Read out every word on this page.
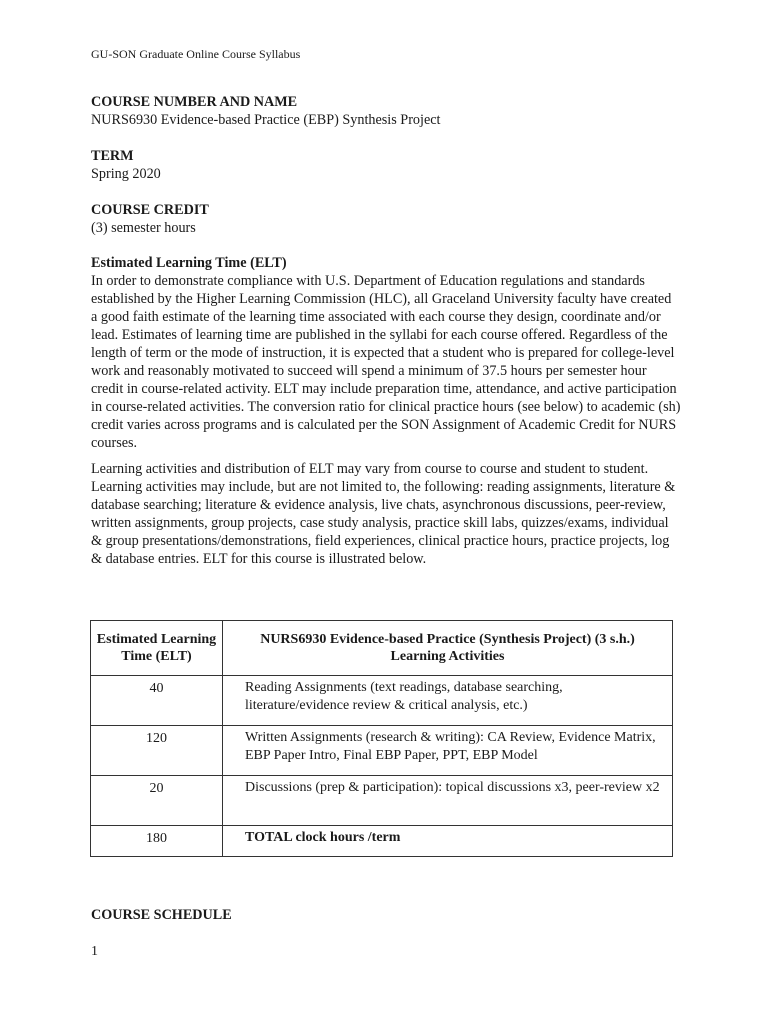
GU-SON Graduate Online Course Syllabus

COURSE NUMBER AND NAME

NURS6930 Evidence-based Practice (EBP) Synthesis Project

TERM

Spring 2020

COURSE CREDIT

(3) semester hours

Estimated Learning Time (ELT)

In order to demonstrate compliance with U.S. Department of Education regulations and standards established by the Higher Learning Commission (HLC), all Graceland University faculty have created a good faith estimate of the learning time associated with each course they design, coordinate and/or lead. Estimates of learning time are published in the syllabi for each course offered. Regardless of the length of term or the mode of instruction, it is expected that a student who is prepared for college-level work and reasonably motivated to succeed will spend a minimum of 37.5 hours per semester hour credit in course-related activity. ELT may include preparation time, attendance, and active participation in course-related activities. The conversion ratio for clinical practice hours (see below) to academic (sh) credit varies across programs and is calculated per the SON Assignment of Academic Credit for NURS courses.

Learning activities and distribution of ELT may vary from course to course and student to student. Learning activities may include, but are not limited to, the following: reading assignments, literature & database searching; literature & evidence analysis, live chats, asynchronous discussions, peer-review, written assignments, group projects, case study analysis, practice skill labs, quizzes/exams, individual & group presentations/demonstrations, field experiences, clinical practice hours, practice projects, log & database entries. ELT for this course is illustrated below.

Estimated Learning Time (ELT)	NURS6930 Evidence-based Practice (Synthesis Project) (3 s.h.) Learning Activities
40	Reading Assignments (text readings, database searching, literature/evidence review & critical analysis, etc.)
120	Written Assignments (research & writing): CA Review, Evidence Matrix, EBP Paper Intro, Final EBP Paper, PPT, EBP Model
20	Discussions (prep & participation): topical discussions x3, peer-review x2
180	TOTAL clock hours /term
COURSE SCHEDULE
1
